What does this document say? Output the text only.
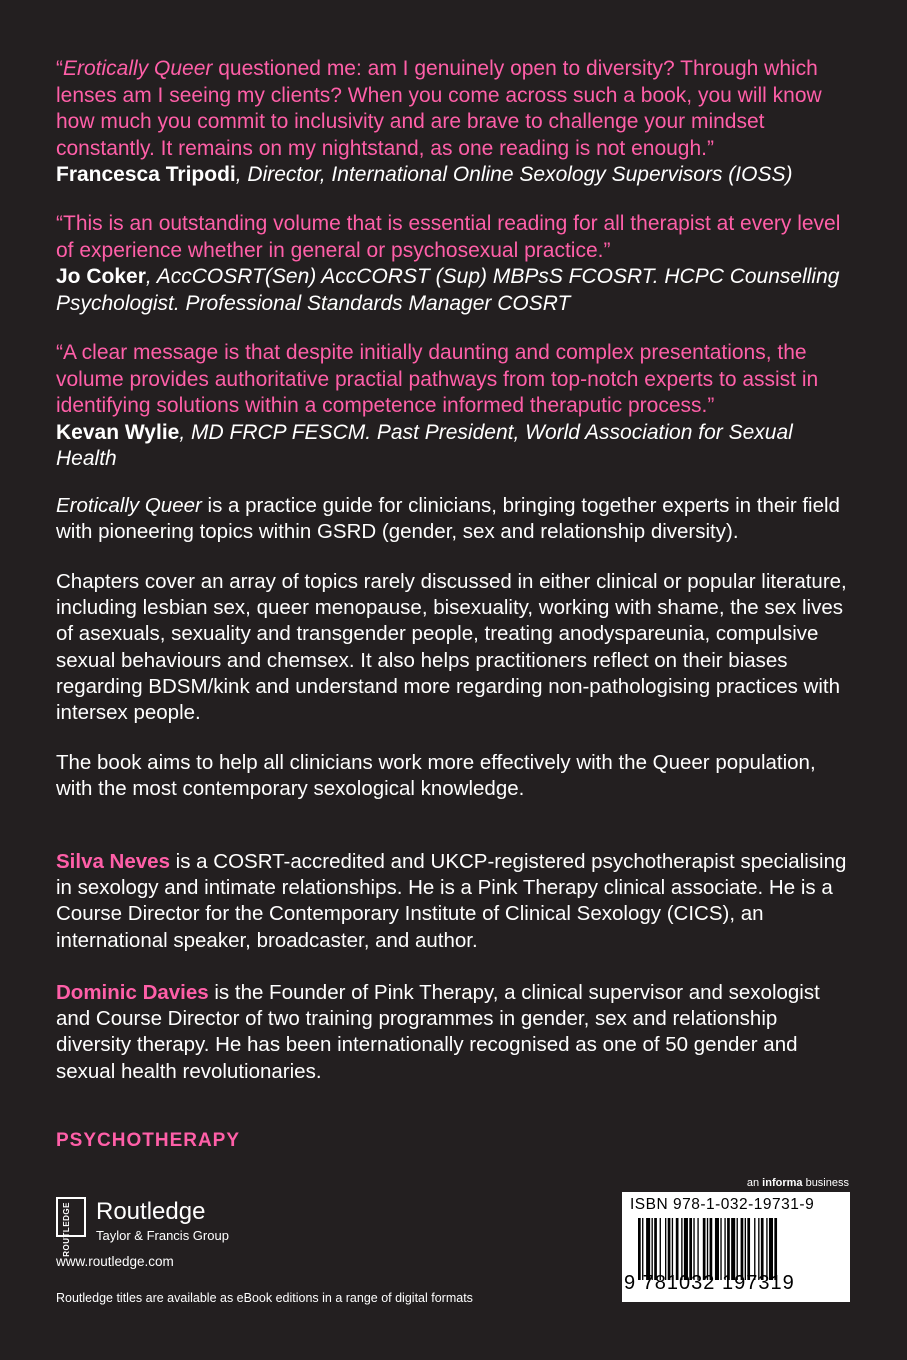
“Erotically Queer questioned me: am I genuinely open to diversity? Through which lenses am I seeing my clients? When you come across such a book, you will know how much you commit to inclusivity and are brave to challenge your mindset constantly. It remains on my nightstand, as one reading is not enough.”
Francesca Tripodi, Director, International Online Sexology Supervisors (IOSS)
“This is an outstanding volume that is essential reading for all therapist at every level of experience whether in general or psychosexual practice.”
Jo Coker, AccCOSRT(Sen) AccCORST (Sup) MBPsS FCOSRT. HCPC Counselling Psychologist. Professional Standards Manager COSRT
“A clear message is that despite initially daunting and complex presentations, the volume provides authoritative practial pathways from top-notch experts to assist in identifying solutions within a competence informed theraputic process.”
Kevan Wylie, MD FRCP FESCM. Past President, World Association for Sexual Health
Erotically Queer is a practice guide for clinicians, bringing together experts in their field with pioneering topics within GSRD (gender, sex and relationship diversity).
Chapters cover an array of topics rarely discussed in either clinical or popular literature, including lesbian sex, queer menopause, bisexuality, working with shame, the sex lives of asexuals, sexuality and transgender people, treating anodyspareunia, compulsive sexual behaviours and chemsex. It also helps practitioners reflect on their biases regarding BDSM/kink and understand more regarding non-pathologising practices with intersex people.
The book aims to help all clinicians work more effectively with the Queer population, with the most contemporary sexological knowledge.
Silva Neves is a COSRT-accredited and UKCP-registered psychotherapist specialising in sexology and intimate relationships. He is a Pink Therapy clinical associate. He is a Course Director for the Contemporary Institute of Clinical Sexology (CICS), an international speaker, broadcaster, and author.
Dominic Davies is the Founder of Pink Therapy, a clinical supervisor and sexologist and Course Director of two training programmes in gender, sex and relationship diversity therapy. He has been internationally recognised as one of 50 gender and sexual health revolutionaries.
PSYCHOTHERAPY
ROUTLEDGE Routledge
Taylor & Francis Group
www.routledge.com
Routledge titles are available as eBook editions in a range of digital formats
an informa business
ISBN 978-1-032-19731-9
9 781032 197319
